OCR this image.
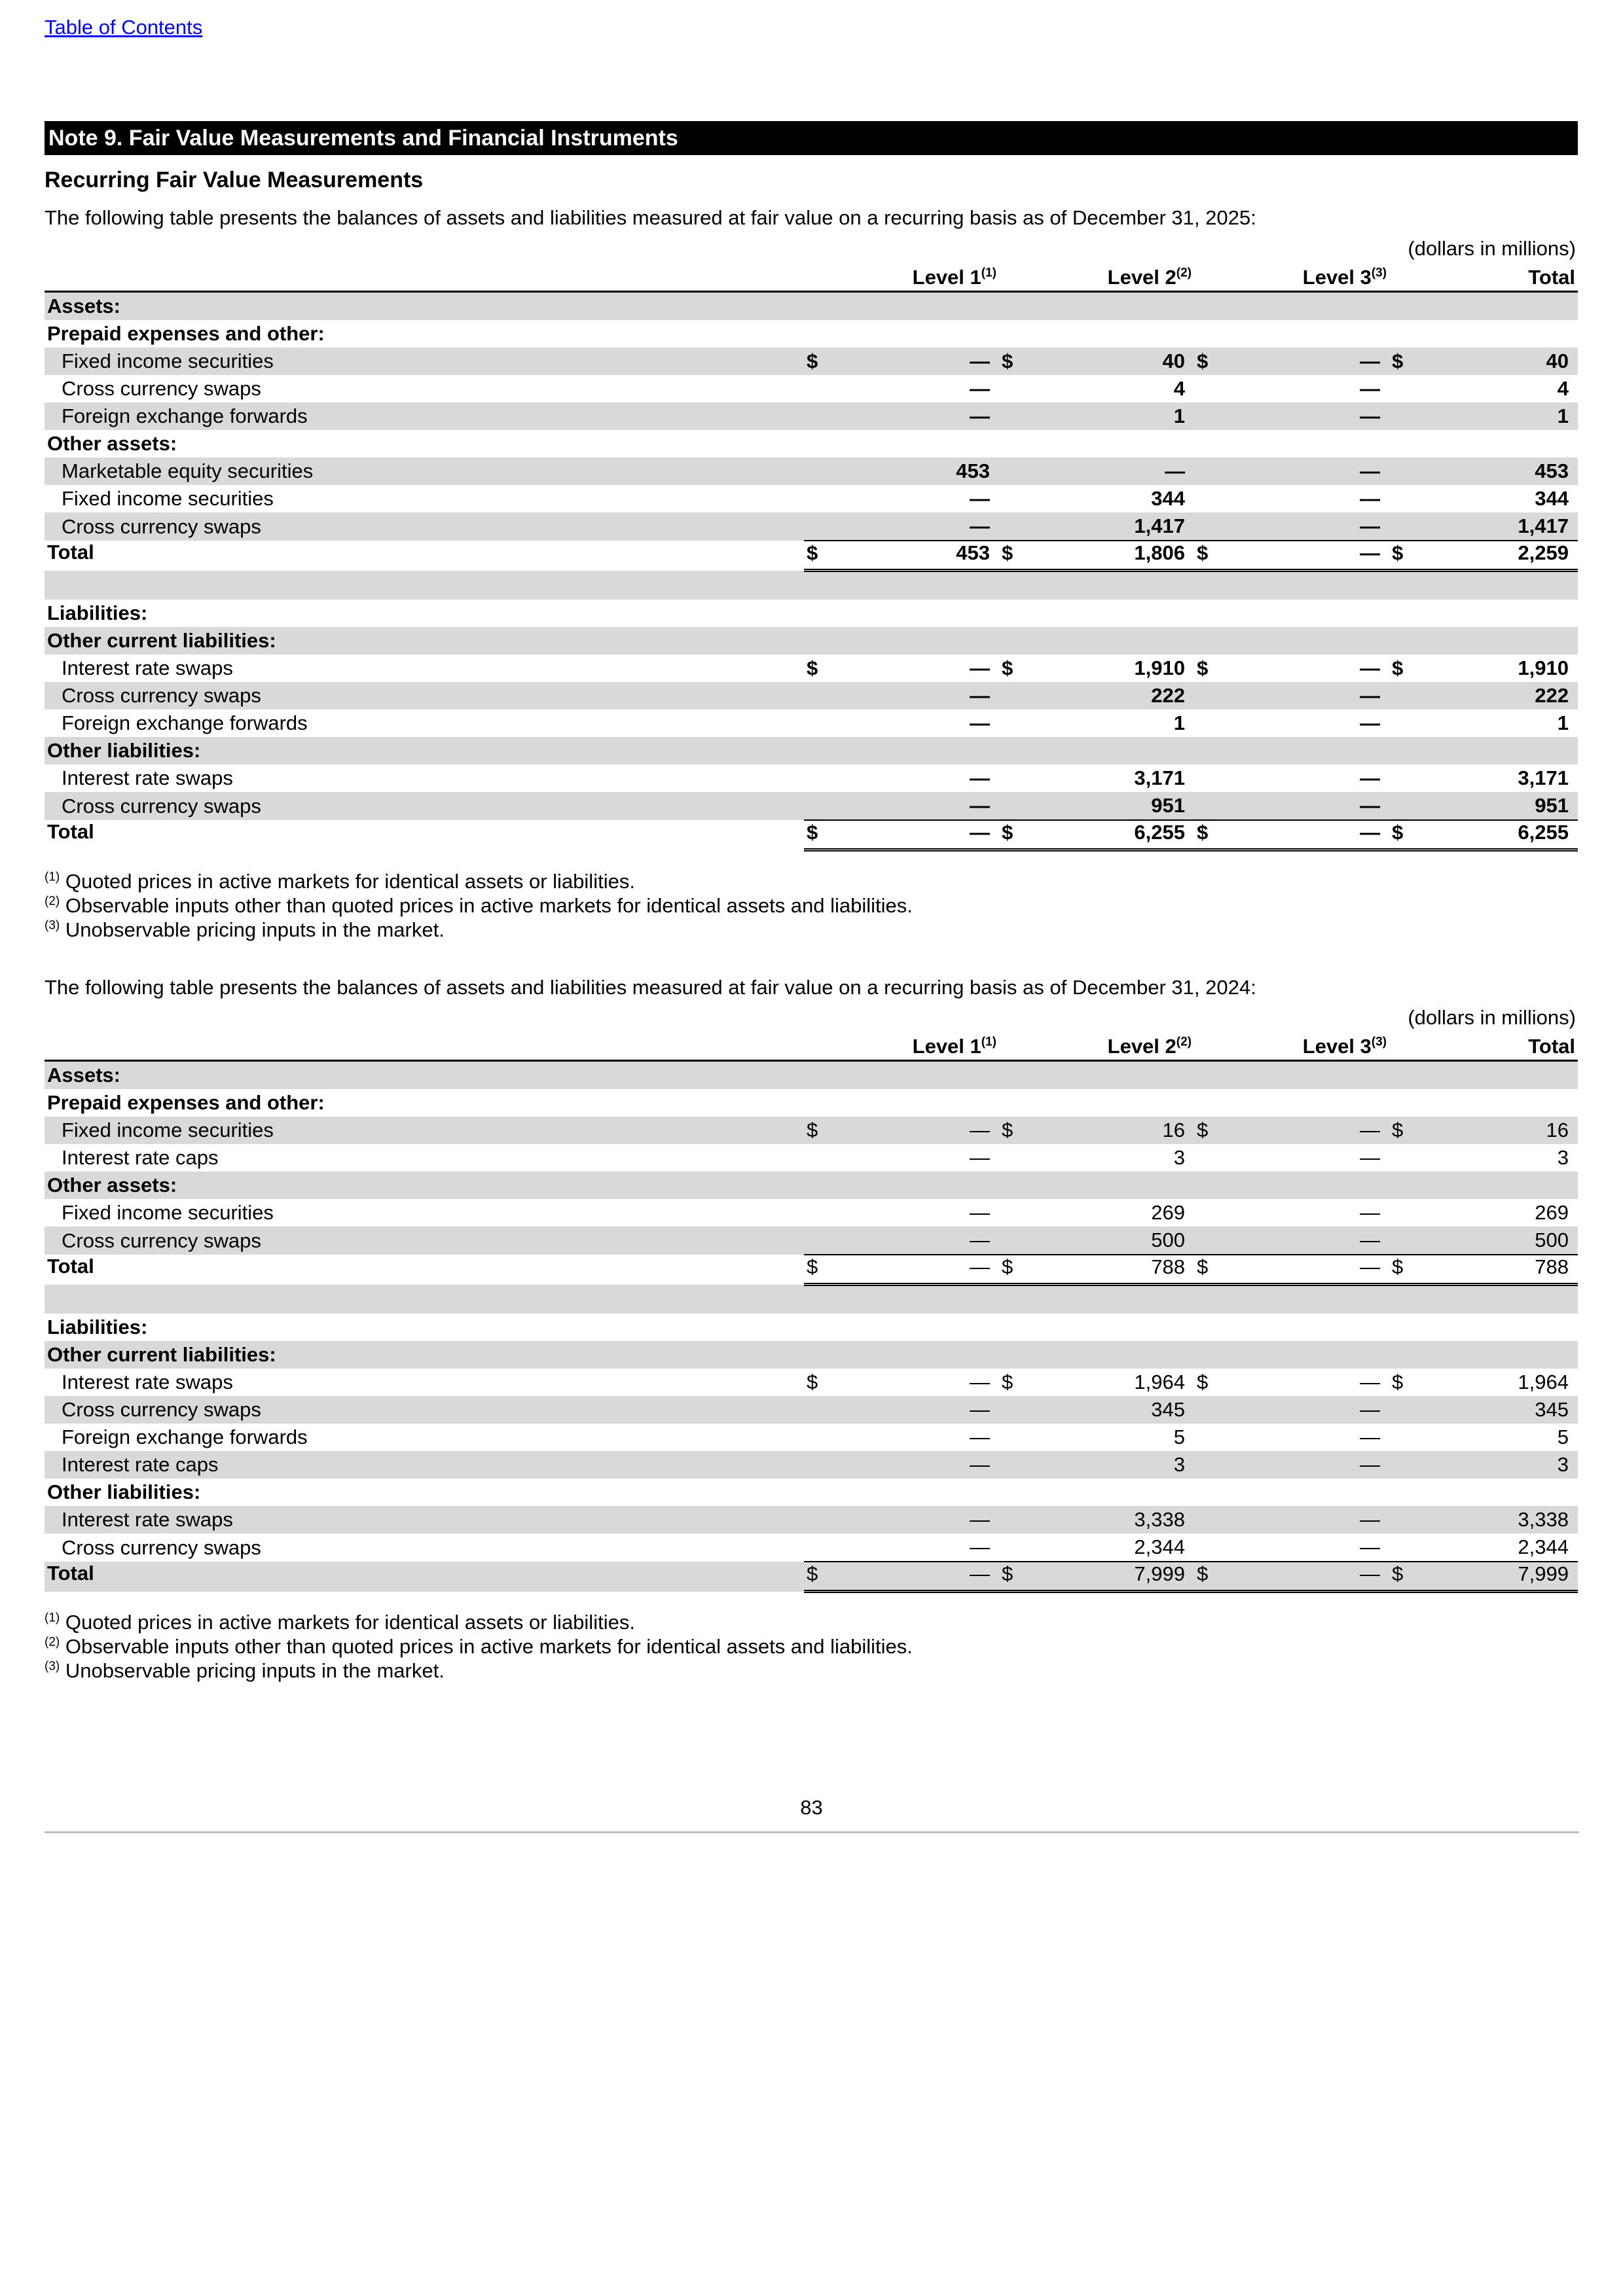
Table of Contents
Note 9. Fair Value Measurements and Financial Instruments
Recurring Fair Value Measurements
The following table presents the balances of assets and liabilities measured at fair value on a recurring basis as of December 31, 2025:
(dollars in millions)
		Level 1$^{(1)}$		Level 2$^{(2)}$		Level 3$^{(3)}$		Total
Assets:								
Prepaid expenses and other:								
Fixed income securities	$	—	$	40	$	—	$	40
Cross currency swaps		—		4		—		4
Foreign exchange forwards		—		1		—		1
Other assets:								
Marketable equity securities		453		—		—		453
Fixed income securities		—		344		—		344
Cross currency swaps		—		1,417		—		1,417
Total	$	453	$	1,806	$	—	$	2,259

Liabilities:								
Other current liabilities:								
Interest rate swaps	$	—	$	1,910	$	—	$	1,910
Cross currency swaps		—		222		—		222
Foreign exchange forwards		—		1		—		1
Other liabilities:								
Interest rate swaps		—		3,171		—		3,171
Cross currency swaps		—		951		—		951
Total	$	—	$	6,255	$	—	$	6,255
$^{(1)}$ Quoted prices in active markets for identical assets or liabilities.
$^{(2)}$ Observable inputs other than quoted prices in active markets for identical assets and liabilities.
$^{(3)}$ Unobservable pricing inputs in the market.
The following table presents the balances of assets and liabilities measured at fair value on a recurring basis as of December 31, 2024:
(dollars in millions)
		Level 1$^{(1)}$		Level 2$^{(2)}$		Level 3$^{(3)}$		Total
Assets:								
Prepaid expenses and other:								
Fixed income securities	$	—	$	16	$	—	$	16
Interest rate caps		—		3		—		3
Other assets:								
Fixed income securities		—		269		—		269
Cross currency swaps		—		500		—		500
Total	$	—	$	788	$	—	$	788

Liabilities:								
Other current liabilities:								
Interest rate swaps	$	—	$	1,964	$	—	$	1,964
Cross currency swaps		—		345		—		345
Foreign exchange forwards		—		5		—		5
Interest rate caps		—		3		—		3
Other liabilities:								
Interest rate swaps		—		3,338		—		3,338
Cross currency swaps		—		2,344		—		2,344
Total	$	—	$	7,999	$	—	$	7,999
$^{(1)}$ Quoted prices in active markets for identical assets or liabilities.
$^{(2)}$ Observable inputs other than quoted prices in active markets for identical assets and liabilities.
$^{(3)}$ Unobservable pricing inputs in the market.
83
